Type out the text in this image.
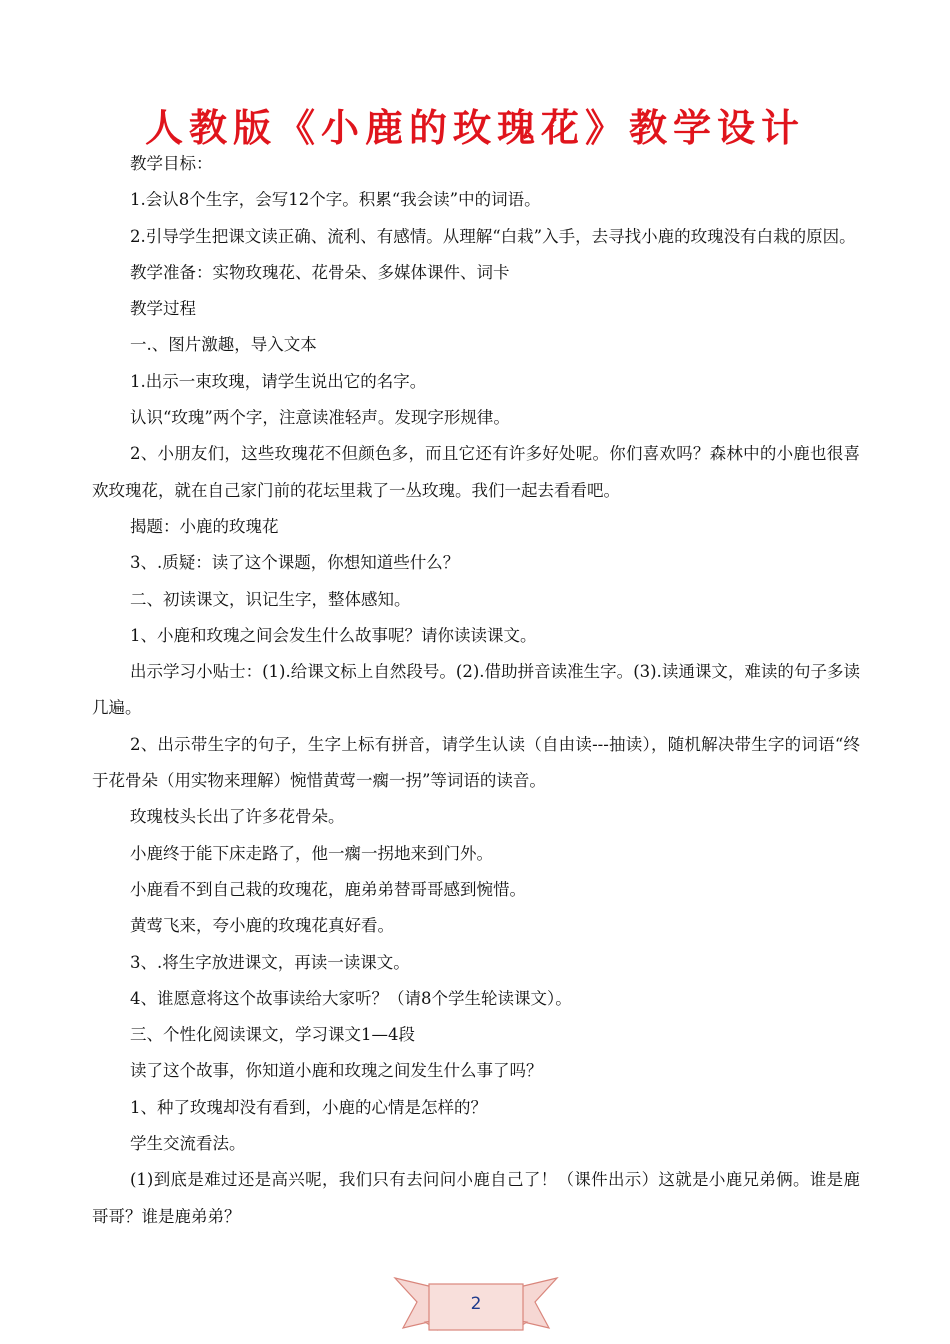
人教版《小鹿的玫瑰花》教学设计

教学目标：

1.会认8个生字，会写12个字。积累“我会读”中的词语。

2.引导学生把课文读正确、流利、有感情。从理解“白栽”入手，去寻找小鹿的玫瑰没有白栽的原因。

教学准备：实物玫瑰花、花骨朵、多媒体课件、词卡

教学过程

一.、图片激趣，导入文本

1.出示一束玫瑰，请学生说出它的名字。

认识“玫瑰”两个字，注意读准轻声。发现字形规律。

2、小朋友们，这些玫瑰花不但颜色多，而且它还有许多好处呢。你们喜欢吗？森林中的小鹿也很喜欢玫瑰花，就在自己家门前的花坛里栽了一丛玫瑰。我们一起去看看吧。

揭题：小鹿的玫瑰花

3、.质疑：读了这个课题，你想知道些什么？

二、初读课文，识记生字，整体感知。

1、小鹿和玫瑰之间会发生什么故事呢？请你读读课文。

出示学习小贴士：(1).给课文标上自然段号。(2).借助拼音读准生字。(3).读通课文，难读的句子多读几遍。

2、出示带生字的句子，生字上标有拼音，请学生认读（自由读---抽读），随机解决带生字的词语“终于花骨朵（用实物来理解）惋惜黄莺一瘸一拐”等词语的读音。

玫瑰枝头长出了许多花骨朵。

小鹿终于能下床走路了，他一瘸一拐地来到门外。

小鹿看不到自己栽的玫瑰花，鹿弟弟替哥哥感到惋惜。

黄莺飞来，夸小鹿的玫瑰花真好看。

3、.将生字放进课文，再读一读课文。

4、谁愿意将这个故事读给大家听？（请8个学生轮读课文）。

三、个性化阅读课文，学习课文1—4段

读了这个故事，你知道小鹿和玫瑰之间发生什么事了吗？

1、种了玫瑰却没有看到，小鹿的心情是怎样的？

学生交流看法。

(1)到底是难过还是高兴呢，我们只有去问问小鹿自己了！（课件出示）这就是小鹿兄弟俩。谁是鹿哥哥？谁是鹿弟弟？

2
